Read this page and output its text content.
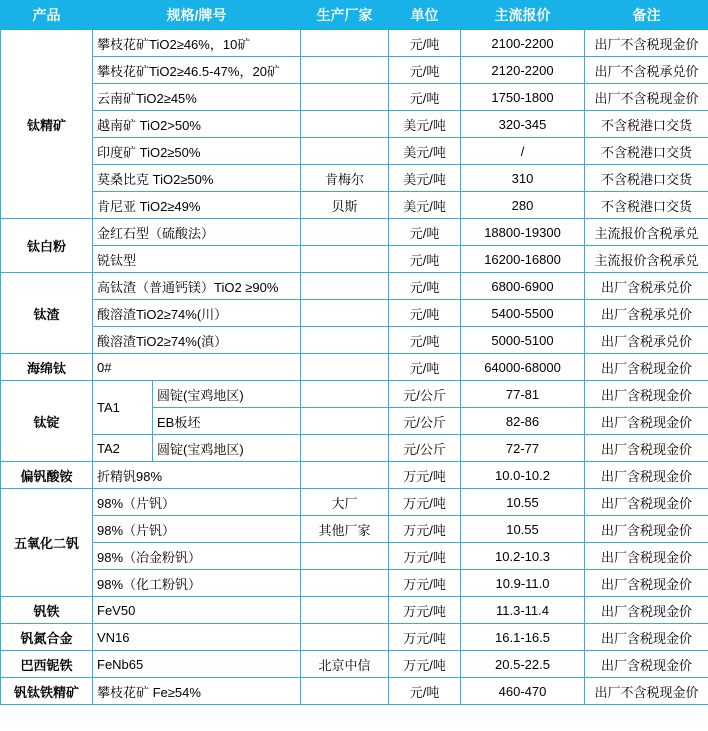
产品	规格/牌号		生产厂家	单位	主流报价	备注
钛精矿	攀枝花矿TiO2≥46%，10矿			元/吨	2100-2200	出厂不含税现金价
	攀枝花矿TiO2≥46.5-47%，20矿			元/吨	2120-2200	出厂不含税承兑价
	云南矿TiO2≥45%			元/吨	1750-1800	出厂不含税现金价
	越南矿 TiO2>50%			美元/吨	320-345	不含税港口交货
	印度矿 TiO2≥50%			美元/吨	/	不含税港口交货
	莫桑比克 TiO2≥50%		肯梅尔	美元/吨	310	不含税港口交货
	肯尼亚 TiO2≥49%		贝斯	美元/吨	280	不含税港口交货
钛白粉	金红石型（硫酸法）			元/吨	18800-19300	主流报价含税承兑
	锐钛型			元/吨	16200-16800	主流报价含税承兑
钛渣	高钛渣（普通钙镁）TiO2 ≥90%			元/吨	6800-6900	出厂含税承兑价
	酸溶渣TiO2≥74%(川）			元/吨	5400-5500	出厂含税承兑价
	酸溶渣TiO2≥74%(滇）			元/吨	5000-5100	出厂含税承兑价
海绵钛	0#			元/吨	64000-68000	出厂含税现金价
钛锭	TA1	圆锭(宝鸡地区)		元/公斤	77-81	出厂含税现金价
		EB板坯		元/公斤	82-86	出厂含税现金价
	TA2	圆锭(宝鸡地区)		元/公斤	72-77	出厂含税现金价
偏钒酸铵	折精钒98%			万元/吨	10.0-10.2	出厂含税现金价
五氧化二钒	98%（片钒）		大厂	万元/吨	10.55	出厂含税现金价
	98%（片钒）		其他厂家	万元/吨	10.55	出厂含税现金价
	98%（冶金粉钒）			万元/吨	10.2-10.3	出厂含税现金价
	98%（化工粉钒）			万元/吨	10.9-11.0	出厂含税现金价
钒铁	FeV50			万元/吨	11.3-11.4	出厂含税现金价
钒氮合金	VN16			万元/吨	16.1-16.5	出厂含税现金价
巴西铌铁	FeNb65		北京中信	万元/吨	20.5-22.5	出厂含税现金价
钒钛铁精矿	攀枝花矿 Fe≥54%			元/吨	460-470	出厂不含税现金价
